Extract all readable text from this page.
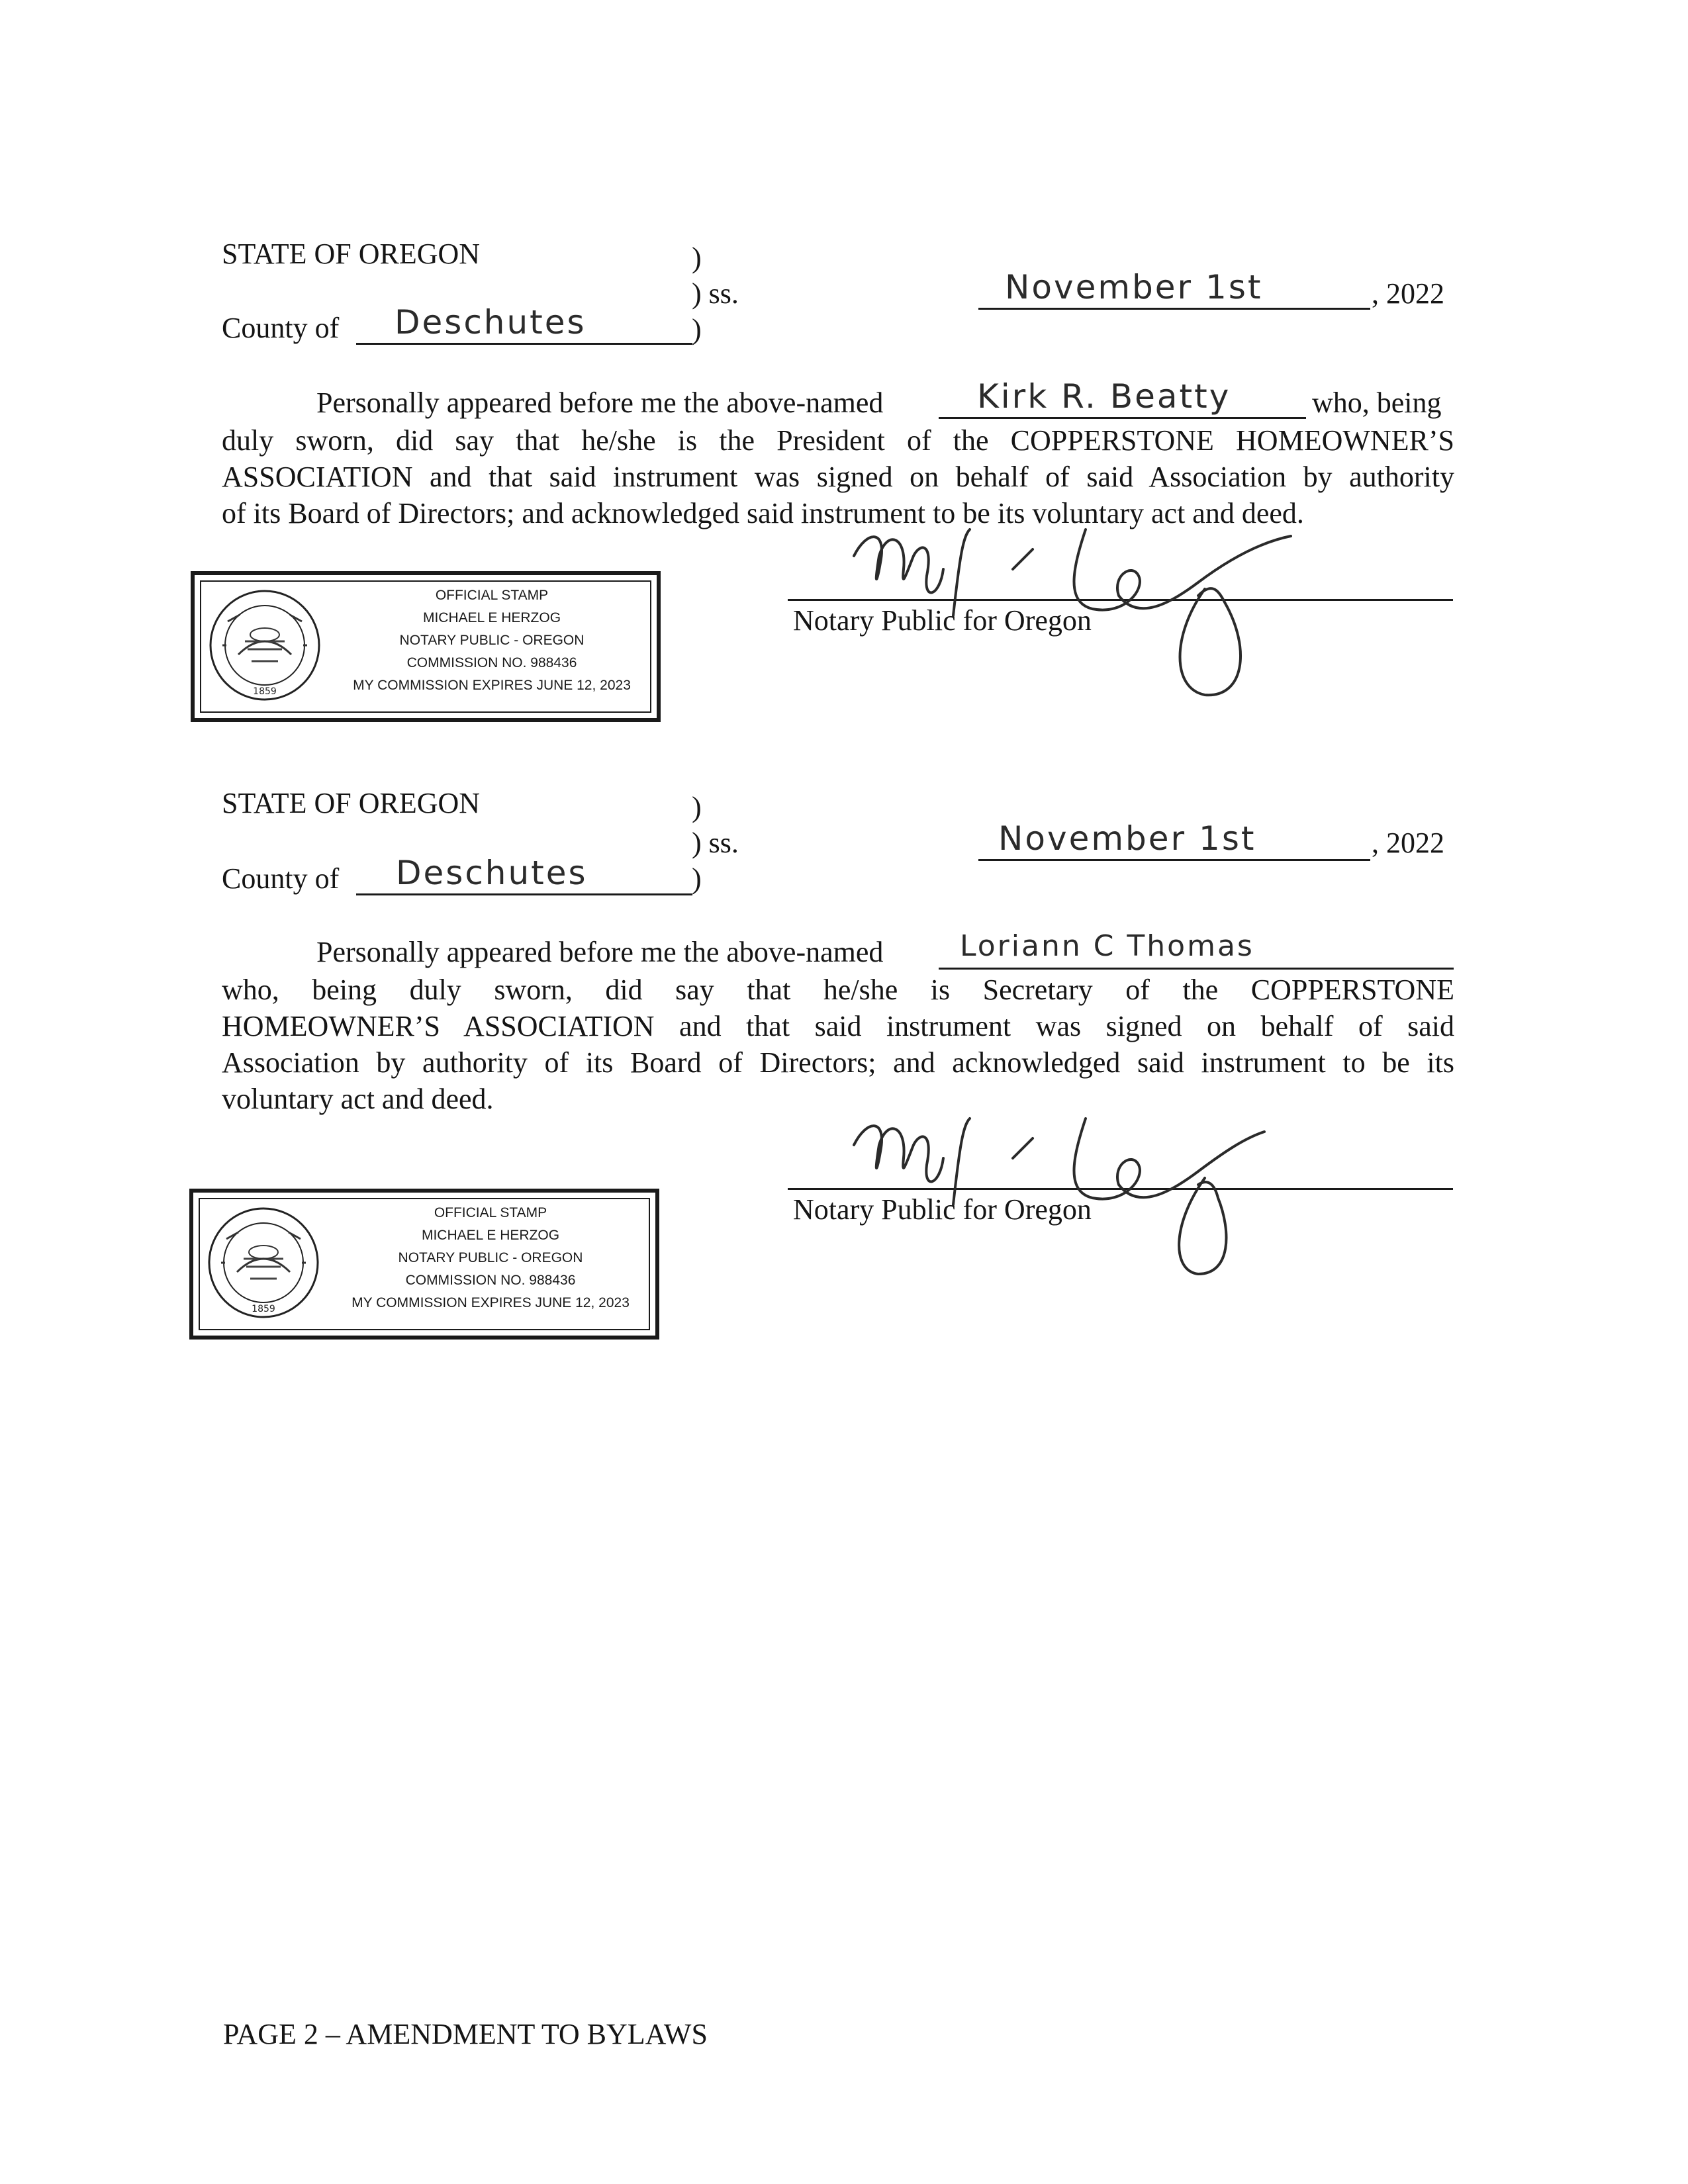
STATE OF OREGON	)
) ss.
)
County of Deschutes
November 1st	, 2022
Personally appeared before me the above-named	Kirk R. Beatty	who, being
duly sworn, did say that he/she is the President of the COPPERSTONE HOMEOWNER’S
ASSOCIATION and that said instrument was signed on behalf of said Association by authority
of its Board of Directors; and acknowledged said instrument to be its voluntary act and deed.
1859
OFFICIAL STAMP
MICHAEL E HERZOG
NOTARY PUBLIC - OREGON
COMMISSION NO. 988436
MY COMMISSION EXPIRES JUNE 12, 2023
Notary Public for Oregon
STATE OF OREGON	)
) ss.
)
County of Deschutes
November 1st	, 2022
Personally appeared before me the above-named	Loriann C Thomas
who, being duly sworn, did say that he/she is Secretary of the COPPERSTONE
HOMEOWNER’S ASSOCIATION and that said instrument was signed on behalf of said
Association by authority of its Board of Directors; and acknowledged said instrument to be its
voluntary act and deed.
1859
OFFICIAL STAMP
MICHAEL E HERZOG
NOTARY PUBLIC - OREGON
COMMISSION NO. 988436
MY COMMISSION EXPIRES JUNE 12, 2023
Notary Public for Oregon
PAGE 2 – AMENDMENT TO BYLAWS
